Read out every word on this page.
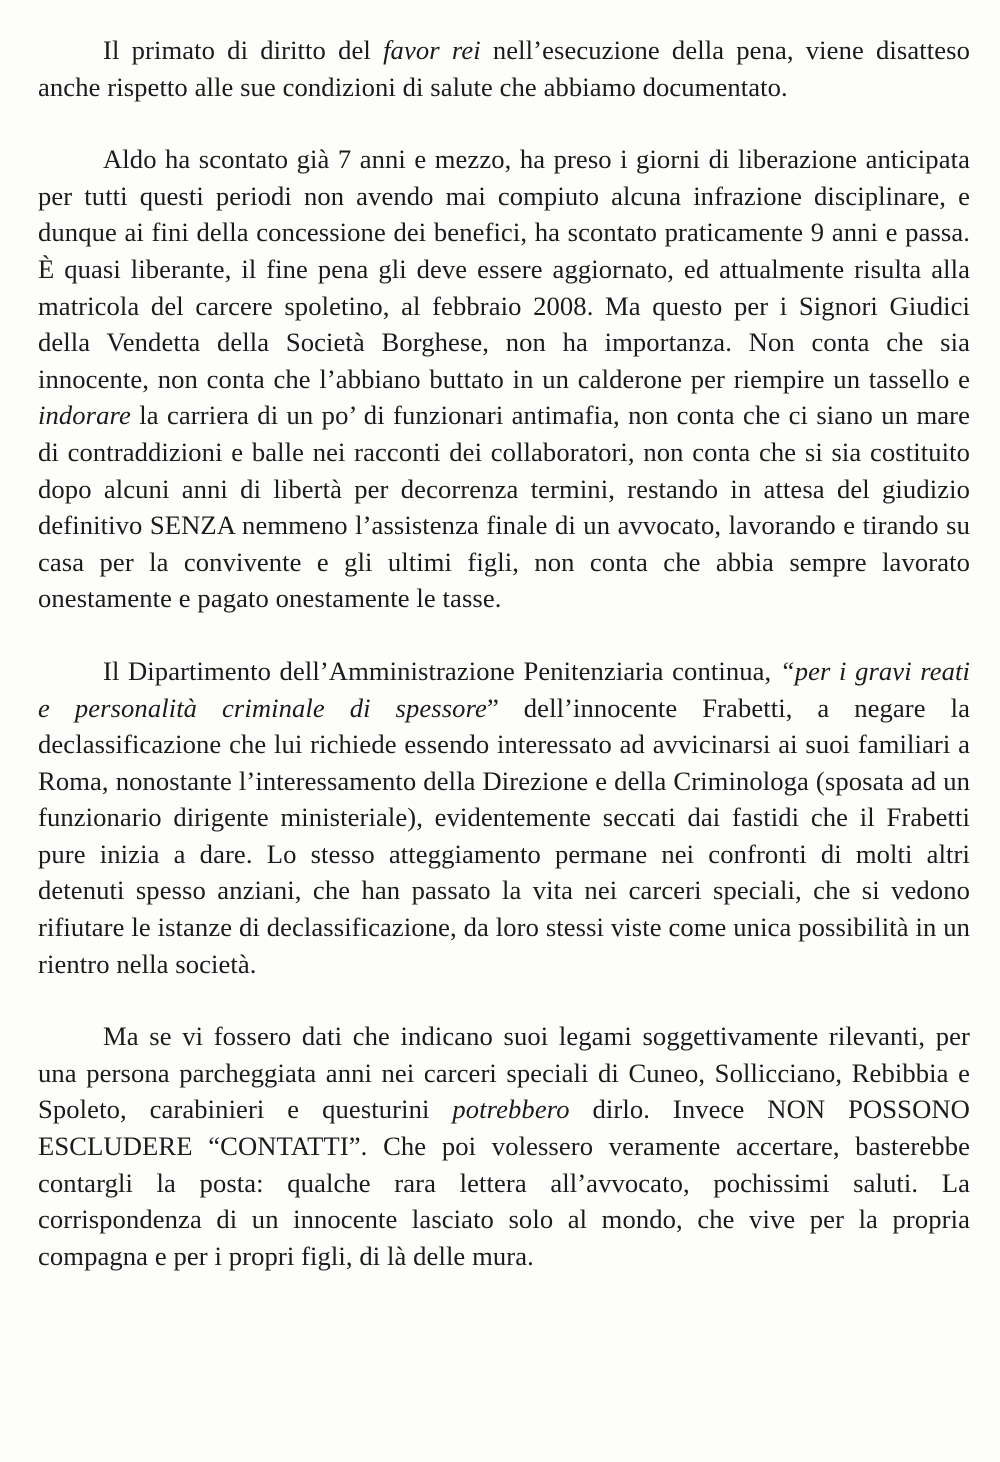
Il primato di diritto del favor rei nell’esecuzione della pena, viene disatteso anche rispetto alle sue condizioni di salute che abbiamo documentato.

Aldo ha scontato già 7 anni e mezzo, ha preso i giorni di liberazione anticipata per tutti questi periodi non avendo mai compiuto alcuna infrazione disciplinare, e dunque ai fini della concessione dei benefici, ha scontato praticamente 9 anni e passa. È quasi liberante, il fine pena gli deve essere aggiornato, ed attualmente risulta alla matricola del carcere spoletino, al febbraio 2008. Ma questo per i Signori Giudici della Vendetta della Società Borghese, non ha importanza. Non conta che sia innocente, non conta che l’abbiano buttato in un calderone per riempire un tassello e indorare la carriera di un po’ di funzionari antimafia, non conta che ci siano un mare di contraddizioni e balle nei racconti dei collaboratori, non conta che si sia costituito dopo alcuni anni di libertà per decorrenza termini, restando in attesa del giudizio definitivo SENZA nemmeno l’assistenza finale di un avvocato, lavorando e tirando su casa per la convivente e gli ultimi figli, non conta che abbia sempre lavorato onestamente e pagato onestamente le tasse.

Il Dipartimento dell’Amministrazione Penitenziaria continua, “per i gravi reati e personalità criminale di spessore” dell’innocente Frabetti, a negare la declassificazione che lui richiede essendo interessato ad avvicinarsi ai suoi familiari a Roma, nonostante l’interessamento della Direzione e della Criminologa (sposata ad un funzionario dirigente ministeriale), evidentemente seccati dai fastidi che il Frabetti pure inizia a dare. Lo stesso atteggiamento permane nei confronti di molti altri detenuti spesso anziani, che han passato la vita nei carceri speciali, che si vedono rifiutare le istanze di declassificazione, da loro stessi viste come unica possibilità in un rientro nella società.

Ma se vi fossero dati che indicano suoi legami soggettivamente rilevanti, per una persona parcheggiata anni nei carceri speciali di Cuneo, Sollicciano, Rebibbia e Spoleto, carabinieri e questurini potrebbero dirlo. Invece NON POSSONO ESCLUDERE “CONTATTI”. Che poi volessero veramente accertare, basterebbe contargli la posta: qualche rara lettera all’avvocato, pochissimi saluti. La corrispondenza di un innocente lasciato solo al mondo, che vive per la propria compagna e per i propri figli, di là delle mura.
